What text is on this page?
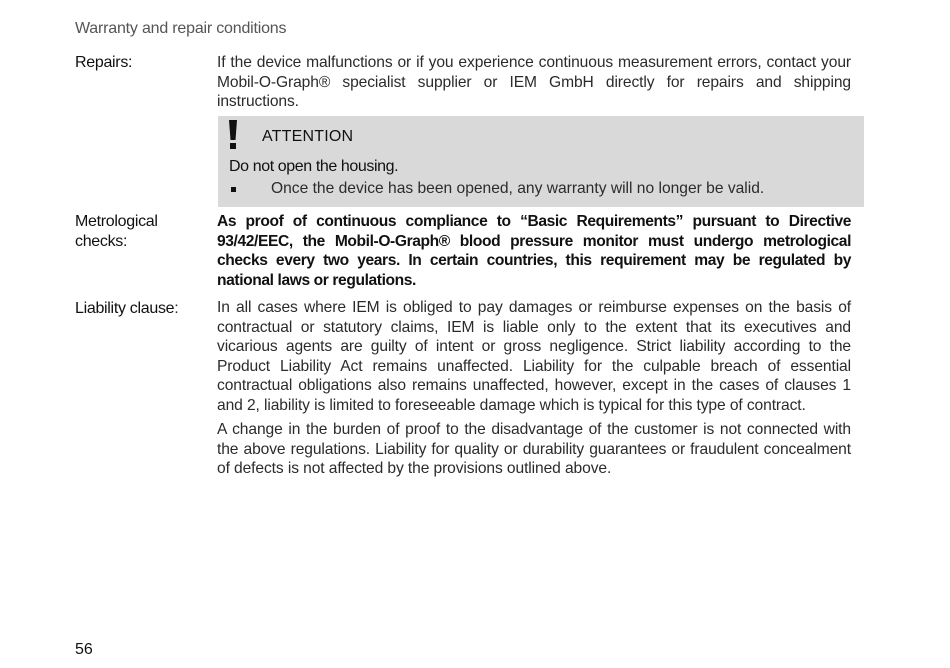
Warranty and repair conditions
Repairs:	If the device malfunctions or if you experience continuous measurement errors, contact your Mobil-O-Graph® specialist supplier or IEM GmbH directly for repairs and shipping instructions.
ATTENTION
Do not open the housing.
Once the device has been opened, any warranty will no longer be valid.
Metrological checks:
As proof of continuous compliance to “Basic Requirements” pursuant to Directive 93/42/EEC, the Mobil-O-Graph® blood pressure monitor must undergo metrological checks every two years. In certain countries, this requirement may be regulated by national laws or regulations.
Liability clause: In all cases where IEM is obliged to pay damages or reimburse expenses on the basis of contractual or statutory claims, IEM is liable only to the extent that its executives and vicarious agents are guilty of intent or gross negligence. Strict liability according to the Product Liability Act remains unaffected. Liability for the culpable breach of essential contractual obligations also remains unaffected, however, except in the cases of clauses 1 and 2, liability is limited to foreseeable damage which is typical for this type of contract.
A change in the burden of proof to the disadvantage of the customer is not connected with the above regulations. Liability for quality or durability guarantees or fraudulent concealment of defects is not affected by the provisions outlined above.
56
